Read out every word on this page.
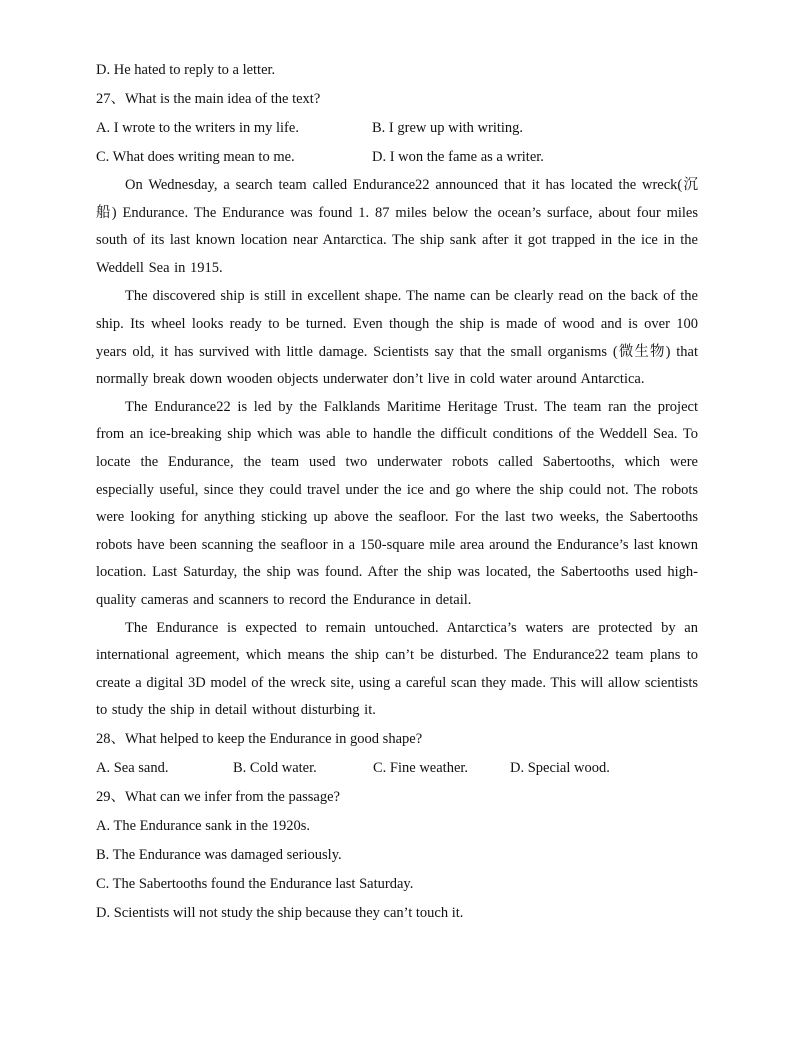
D. He hated to reply to a letter.
27、What is the main idea of the text?
A. I wrote to the writers in my life.	B. I grew up with writing.
C. What does writing mean to me.	D. I won the fame as a writer.

On Wednesday, a search team called Endurance22 announced that it has located the wreck(沉船) Endurance. The Endurance was found 1. 87 miles below the ocean’s surface, about four miles south of its last known location near Antarctica. The ship sank after it got trapped in the ice in the Weddell Sea in 1915.

The discovered ship is still in excellent shape. The name can be clearly read on the back of the ship. Its wheel looks ready to be turned. Even though the ship is made of wood and is over 100 years old, it has survived with little damage. Scientists say that the small organisms (微生物) that normally break down wooden objects underwater don’t live in cold water around Antarctica.

The Endurance22 is led by the Falklands Maritime Heritage Trust. The team ran the project from an ice-breaking ship which was able to handle the difficult conditions of the Weddell Sea. To locate the Endurance, the team used two underwater robots called Sabertooths, which were especially useful, since they could travel under the ice and go where the ship could not. The robots were looking for anything sticking up above the seafloor. For the last two weeks, the Sabertooths robots have been scanning the seafloor in a 150-square mile area around the Endurance’s last known location. Last Saturday, the ship was found. After the ship was located, the Sabertooths used high-quality cameras and scanners to record the Endurance in detail.

The Endurance is expected to remain untouched. Antarctica’s waters are protected by an international agreement, which means the ship can’t be disturbed. The Endurance22 team plans to create a digital 3D model of the wreck site, using a careful scan they made. This will allow scientists to study the ship in detail without disturbing it.

28、What helped to keep the Endurance in good shape?
A. Sea sand.	B. Cold water.	C. Fine weather.	D. Special wood.
29、What can we infer from the passage?
A. The Endurance sank in the 1920s.
B. The Endurance was damaged seriously.
C. The Sabertooths found the Endurance last Saturday.
D. Scientists will not study the ship because they can’t touch it.
